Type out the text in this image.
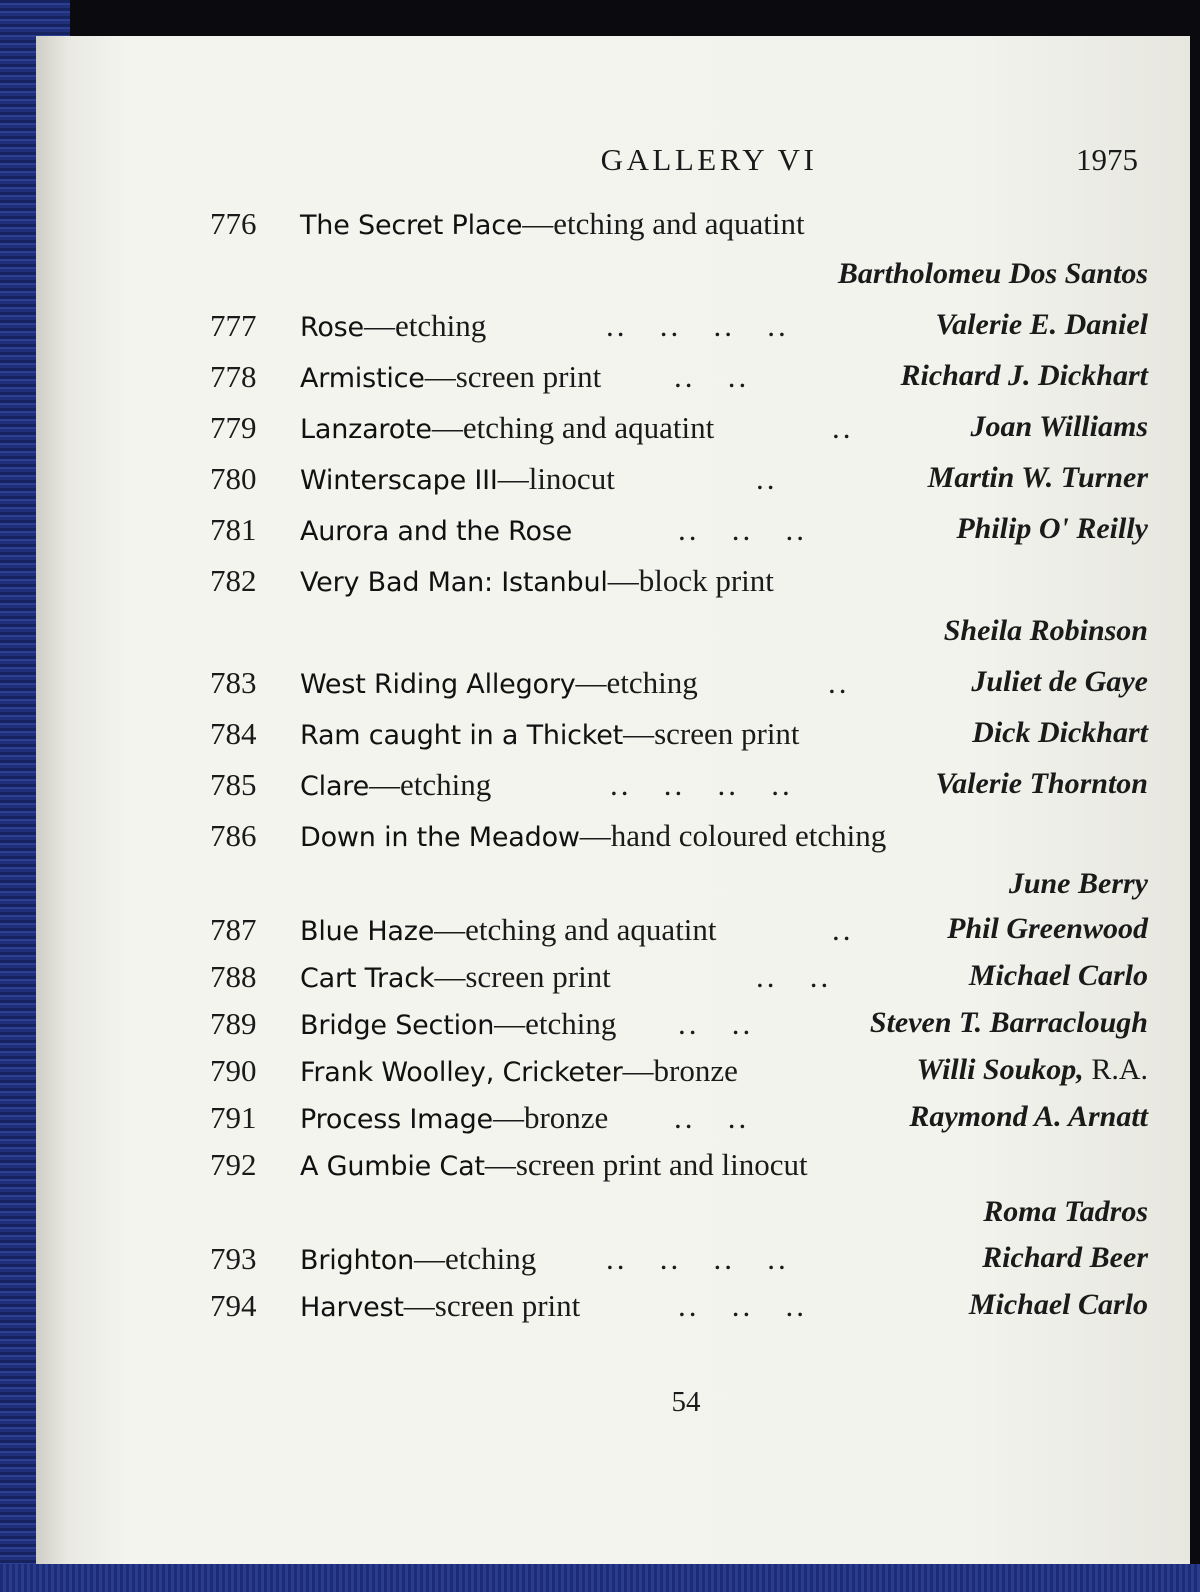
GALLERY VI	1975
776 The Secret Place—etching and aquatint
Bartholomeu Dos Santos
777 Rose—etching	..   ..   ..   ..	Valerie E. Daniel
778 Armistice—screen print ..   ..	Richard J. Dickhart
779 Lanzarote—etching and aquatint	..	Joan Williams
780 Winterscape III—linocut	..	Martin W. Turner
781 Aurora and the Rose	..   ..   ..	Philip O' Reilly
782 Very Bad Man: Istanbul—block print
Sheila Robinson
783 West Riding Allegory—etching	..	Juliet de Gaye
784 Ram caught in a Thicket—screen print	Dick Dickhart
785 Clare—etching	..   ..   ..   ..	Valerie Thornton
786 Down in the Meadow—hand coloured etching
June Berry
787 Blue Haze—etching and aquatint	..	Phil Greenwood
788 Cart Track—screen print	..   ..	Michael Carlo
789 Bridge Section—etching ..   ..	Steven T. Barraclough
790 Frank Woolley, Cricketer—bronze	Willi Soukop, R.A.
791 Process Image—bronze ..   ..	Raymond A. Arnatt
792 A Gumbie Cat—screen print and linocut
Roma Tadros
793 Brighton—etching ..   ..   ..   ..	Richard Beer
794 Harvest—screen print	..   ..   ..	Michael Carlo
54
